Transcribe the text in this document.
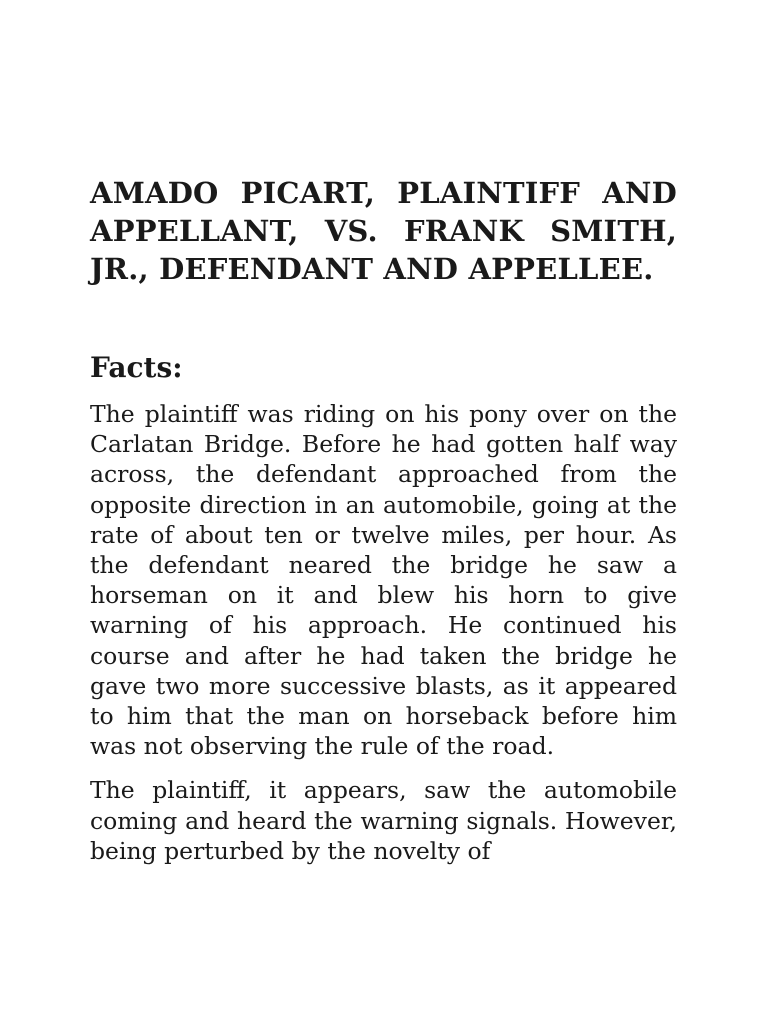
AMADO PICART, PLAINTIFF AND APPELLANT, VS. FRANK SMITH, JR., DEFENDANT AND APPELLEE.
Facts:

The plaintiff was riding on his pony over on the Carlatan Bridge. Before he had gotten half way across, the defendant approached from the opposite direction in an automobile, going at the rate of about ten or twelve miles, per hour. As the defendant neared the bridge he saw a horseman on it and blew his horn to give warning of his approach. He continued his course and after he had taken the bridge he gave two more successive blasts, as it appeared to him that the man on horseback before him was not observing the rule of the road.

The plaintiff, it appears, saw the automobile coming and heard the warning signals. However, being perturbed by the novelty of
